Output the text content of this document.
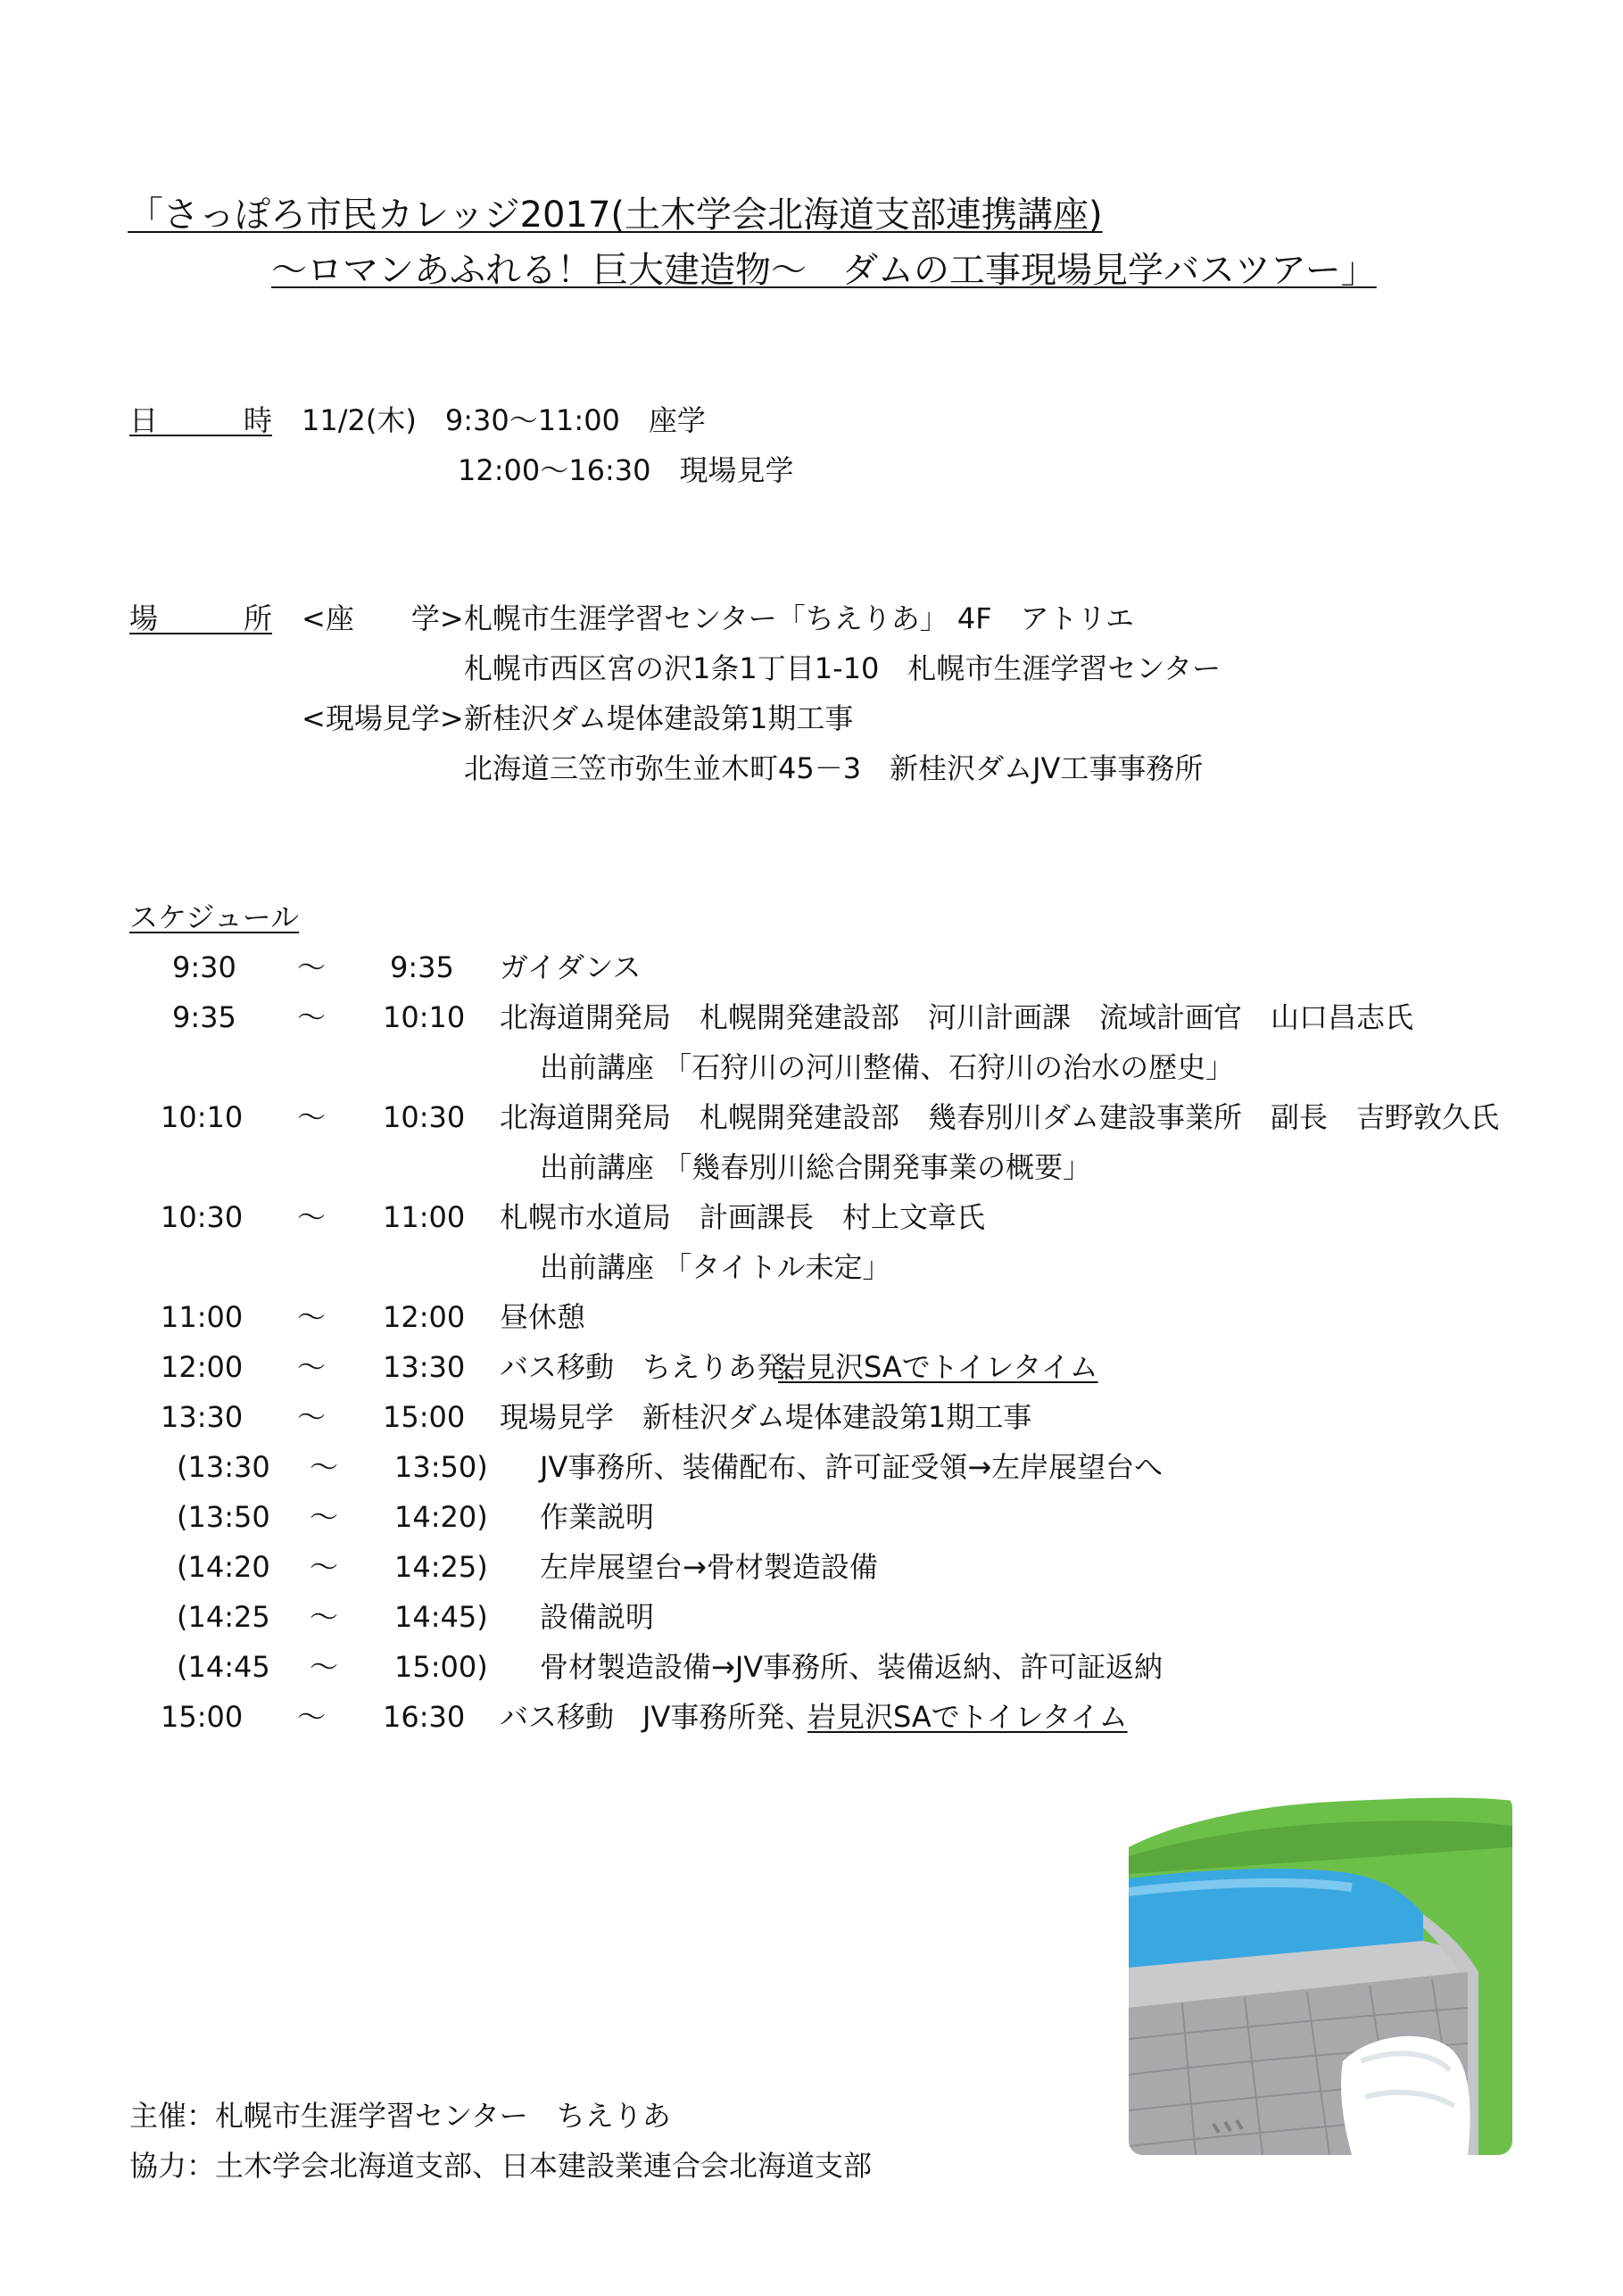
「さっぽろ市民カレッジ2017(土木学会北海道支部連携講座)
～ロマンあふれる！巨大建造物～　ダムの工事現場見学バスツアー」
日　　　時 11/2(木)　9:30～11:00　座学
12:00～16:30　現場見学
場　　　所 <座　　学> 札幌市生涯学習センター「ちえりあ」 4F　アトリエ
札幌市西区宮の沢1条1丁目1-10　札幌市生涯学習センター
<現場見学> 新桂沢ダム堤体建設第1期工事
北海道三笠市弥生並木町45－3　新桂沢ダムJV工事事務所
スケジュール
9:30 ～ 9:35 ガイダンス
9:35 ～ 10:10 北海道開発局　札幌開発建設部　河川計画課　流域計画官　山口昌志氏
出前講座 「石狩川の河川整備、石狩川の治水の歴史」
10:10 ～ 10:30 北海道開発局　札幌開発建設部　幾春別川ダム建設事業所　副長　吉野敦久氏
出前講座 「幾春別川総合開発事業の概要」
10:30 ～ 11:00 札幌市水道局　計画課長　村上文章氏
出前講座 「タイトル未定」
11:00 ～ 12:00 昼休憩
12:00 ～ 13:30 バス移動　ちえりあ発、
岩見沢SAでトイレタイム
13:30 ～ 15:00 現場見学　新桂沢ダム堤体建設第1期工事
(13:30 ～ 13:50) JV事務所、装備配布、許可証受領→左岸展望台へ
(13:50 ～ 14:20) 作業説明
(14:20 ～ 14:25) 左岸展望台→骨材製造設備
(14:25 ～ 14:45) 設備説明
(14:45 ～ 15:00) 骨材製造設備→JV事務所、装備返納、許可証返納
15:00 ～ 16:30 バス移動　JV事務所発、
岩見沢SAでトイレタイム
主催：札幌市生涯学習センター　ちえりあ
協力：土木学会北海道支部、日本建設業連合会北海道支部
